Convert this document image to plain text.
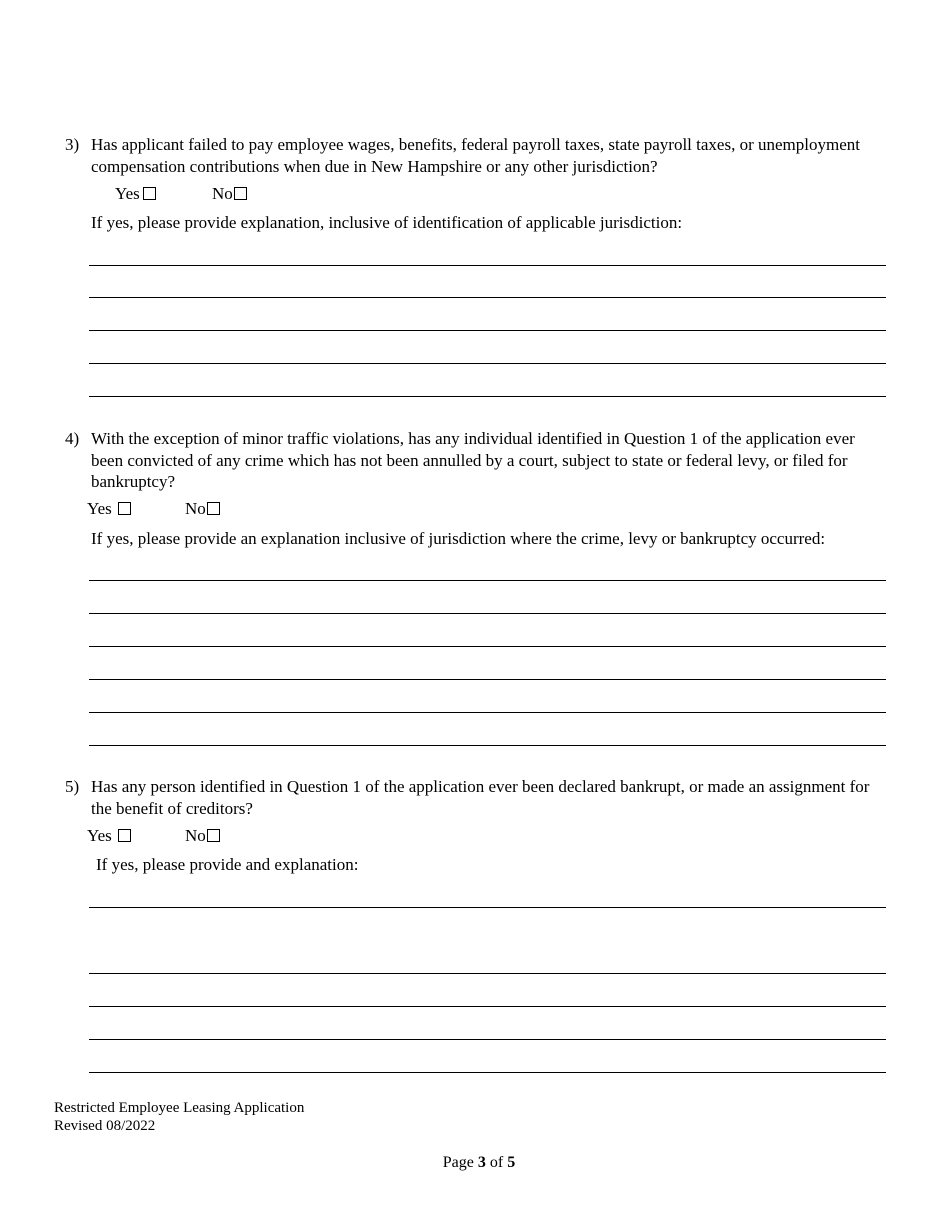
3) Has applicant failed to pay employee wages, benefits, federal payroll taxes, state payroll taxes, or unemployment compensation contributions when due in New Hampshire or any other jurisdiction?
Yes	No
If yes, please provide explanation, inclusive of identification of applicable jurisdiction:
4) With the exception of minor traffic violations, has any individual identified in Question 1 of the application ever been convicted of any crime which has not been annulled by a court, subject to state or federal levy, or filed for bankruptcy?
Yes	No
If yes, please provide an explanation inclusive of jurisdiction where the crime, levy or bankruptcy occurred:
5) Has any person identified in Question 1 of the application ever been declared bankrupt, or made an assignment for the benefit of creditors?
Yes	No
If yes, please provide and explanation:
Restricted Employee Leasing Application
Revised 08/2022
Page 3 of 5
